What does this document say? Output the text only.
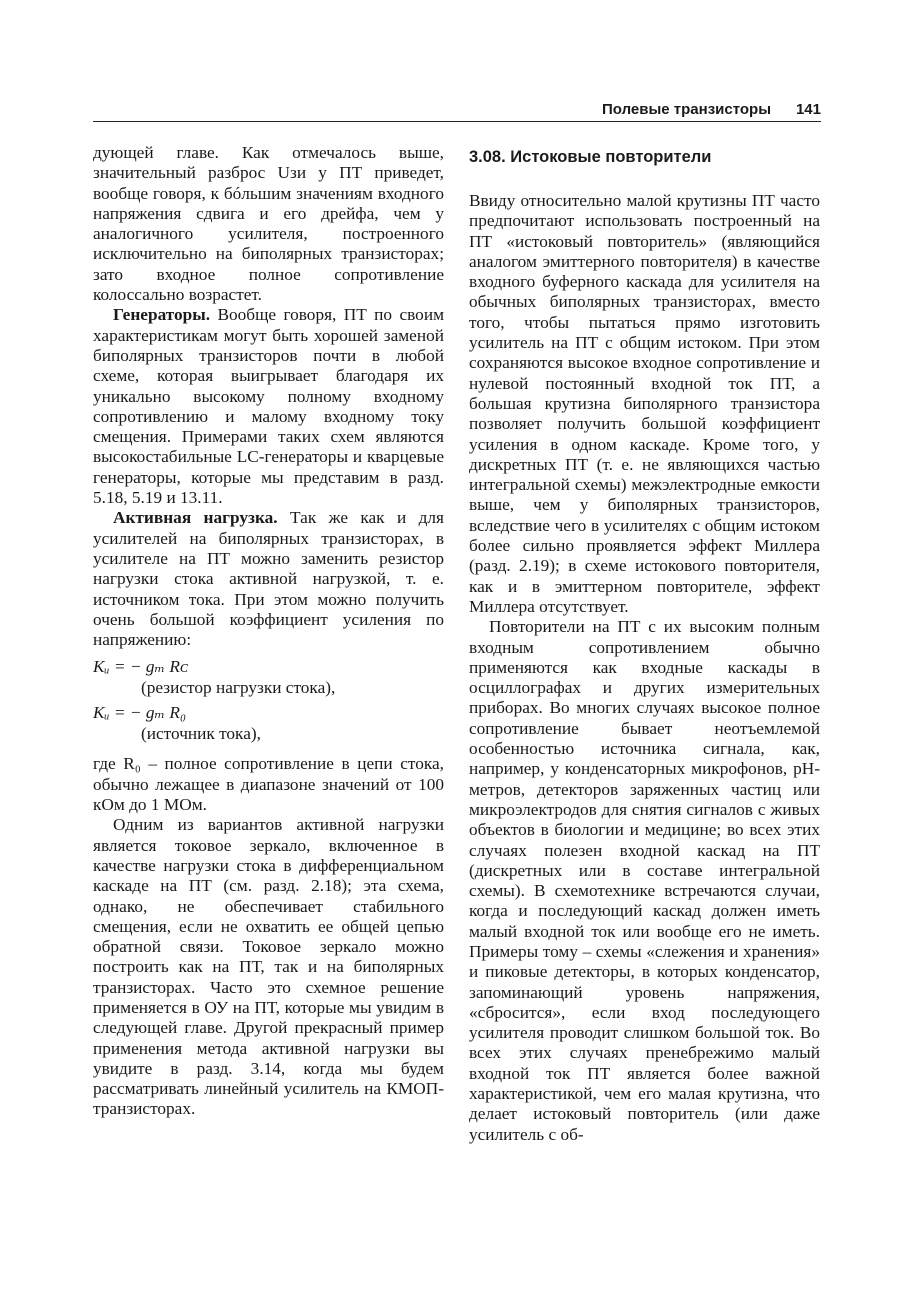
Полевые транзисторы 141

дующей главе. Как отмечалось выше, значительный разброс Uзи у ПТ приведет, вообще говоря, к бóльшим значениям входного напряжения сдвига и его дрейфа, чем у аналогичного усилителя, построенного исключительно на биполярных транзисторах; зато входное полное сопротивление колоссально возрастет.

Генераторы. Вообще говоря, ПТ по своим характеристикам могут быть хорошей заменой биполярных транзисторов почти в любой схеме, которая выигрывает благодаря их уникально высокому полному входному сопротивлению и малому входному току смещения. Примерами таких схем являются высокостабильные LC-генераторы и кварцевые генераторы, которые мы представим в разд. 5.18, 5.19 и 13.11.

Активная нагрузка. Так же как и для усилителей на биполярных транзисторах, в усилителе на ПТ можно заменить резистор нагрузки стока активной нагрузкой, т. е. источником тока. При этом можно получить очень большой коэффициент усиления по напряжению:

Kᵤ = − gₘ Rᴄ
(резистор нагрузки стока),
Kᵤ = − gₘ R₀
(источник тока),

где R₀ – полное сопротивление в цепи стока, обычно лежащее в диапазоне значений от 100 кОм до 1 МОм.

Одним из вариантов активной нагрузки является токовое зеркало, включенное в качестве нагрузки стока в дифференциальном каскаде на ПТ (см. разд. 2.18); эта схема, однако, не обеспечивает стабильного смещения, если не охватить ее общей цепью обратной связи. Токовое зеркало можно построить как на ПТ, так и на биполярных транзисторах. Часто это схемное решение применяется в ОУ на ПТ, которые мы увидим в следующей главе. Другой прекрасный пример применения метода активной нагрузки вы увидите в разд. 3.14, когда мы будем рассматривать линейный усилитель на КМОП-транзисторах.

3.08. Истоковые повторители

Ввиду относительно малой крутизны ПТ часто предпочитают использовать построенный на ПТ «истоковый повторитель» (являющийся аналогом эмиттерного повторителя) в качестве входного буферного каскада для усилителя на обычных биполярных транзисторах, вместо того, чтобы пытаться прямо изготовить усилитель на ПТ с общим истоком. При этом сохраняются высокое входное сопротивление и нулевой постоянный входной ток ПТ, а большая крутизна биполярного транзистора позволяет получить большой коэффициент усиления в одном каскаде. Кроме того, у дискретных ПТ (т. е. не являющихся частью интегральной схемы) межэлектродные емкости выше, чем у биполярных транзисторов, вследствие чего в усилителях с общим истоком более сильно проявляется эффект Миллера (разд. 2.19); в схеме истокового повторителя, как и в эмиттерном повторителе, эффект Миллера отсутствует.

Повторители на ПТ с их высоким полным входным сопротивлением обычно применяются как входные каскады в осциллографах и других измерительных приборах. Во многих случаях высокое полное сопротивление бывает неотъемлемой особенностью источника сигнала, как, например, у конденсаторных микрофонов, pH-метров, детекторов заряженных частиц или микроэлектродов для снятия сигналов с живых объектов в биологии и медицине; во всех этих случаях полезен входной каскад на ПТ (дискретных или в составе интегральной схемы). В схемотехнике встречаются случаи, когда и последующий каскад должен иметь малый входной ток или вообще его не иметь. Примеры тому – схемы «слежения и хранения» и пиковые детекторы, в которых конденсатор, запоминающий уровень напряжения, «сбросится», если вход последующего усилителя проводит слишком большой ток. Во всех этих случаях пренебрежимо малый входной ток ПТ является более важной характеристикой, чем его малая крутизна, что делает истоковый повторитель (или даже усилитель с об-
